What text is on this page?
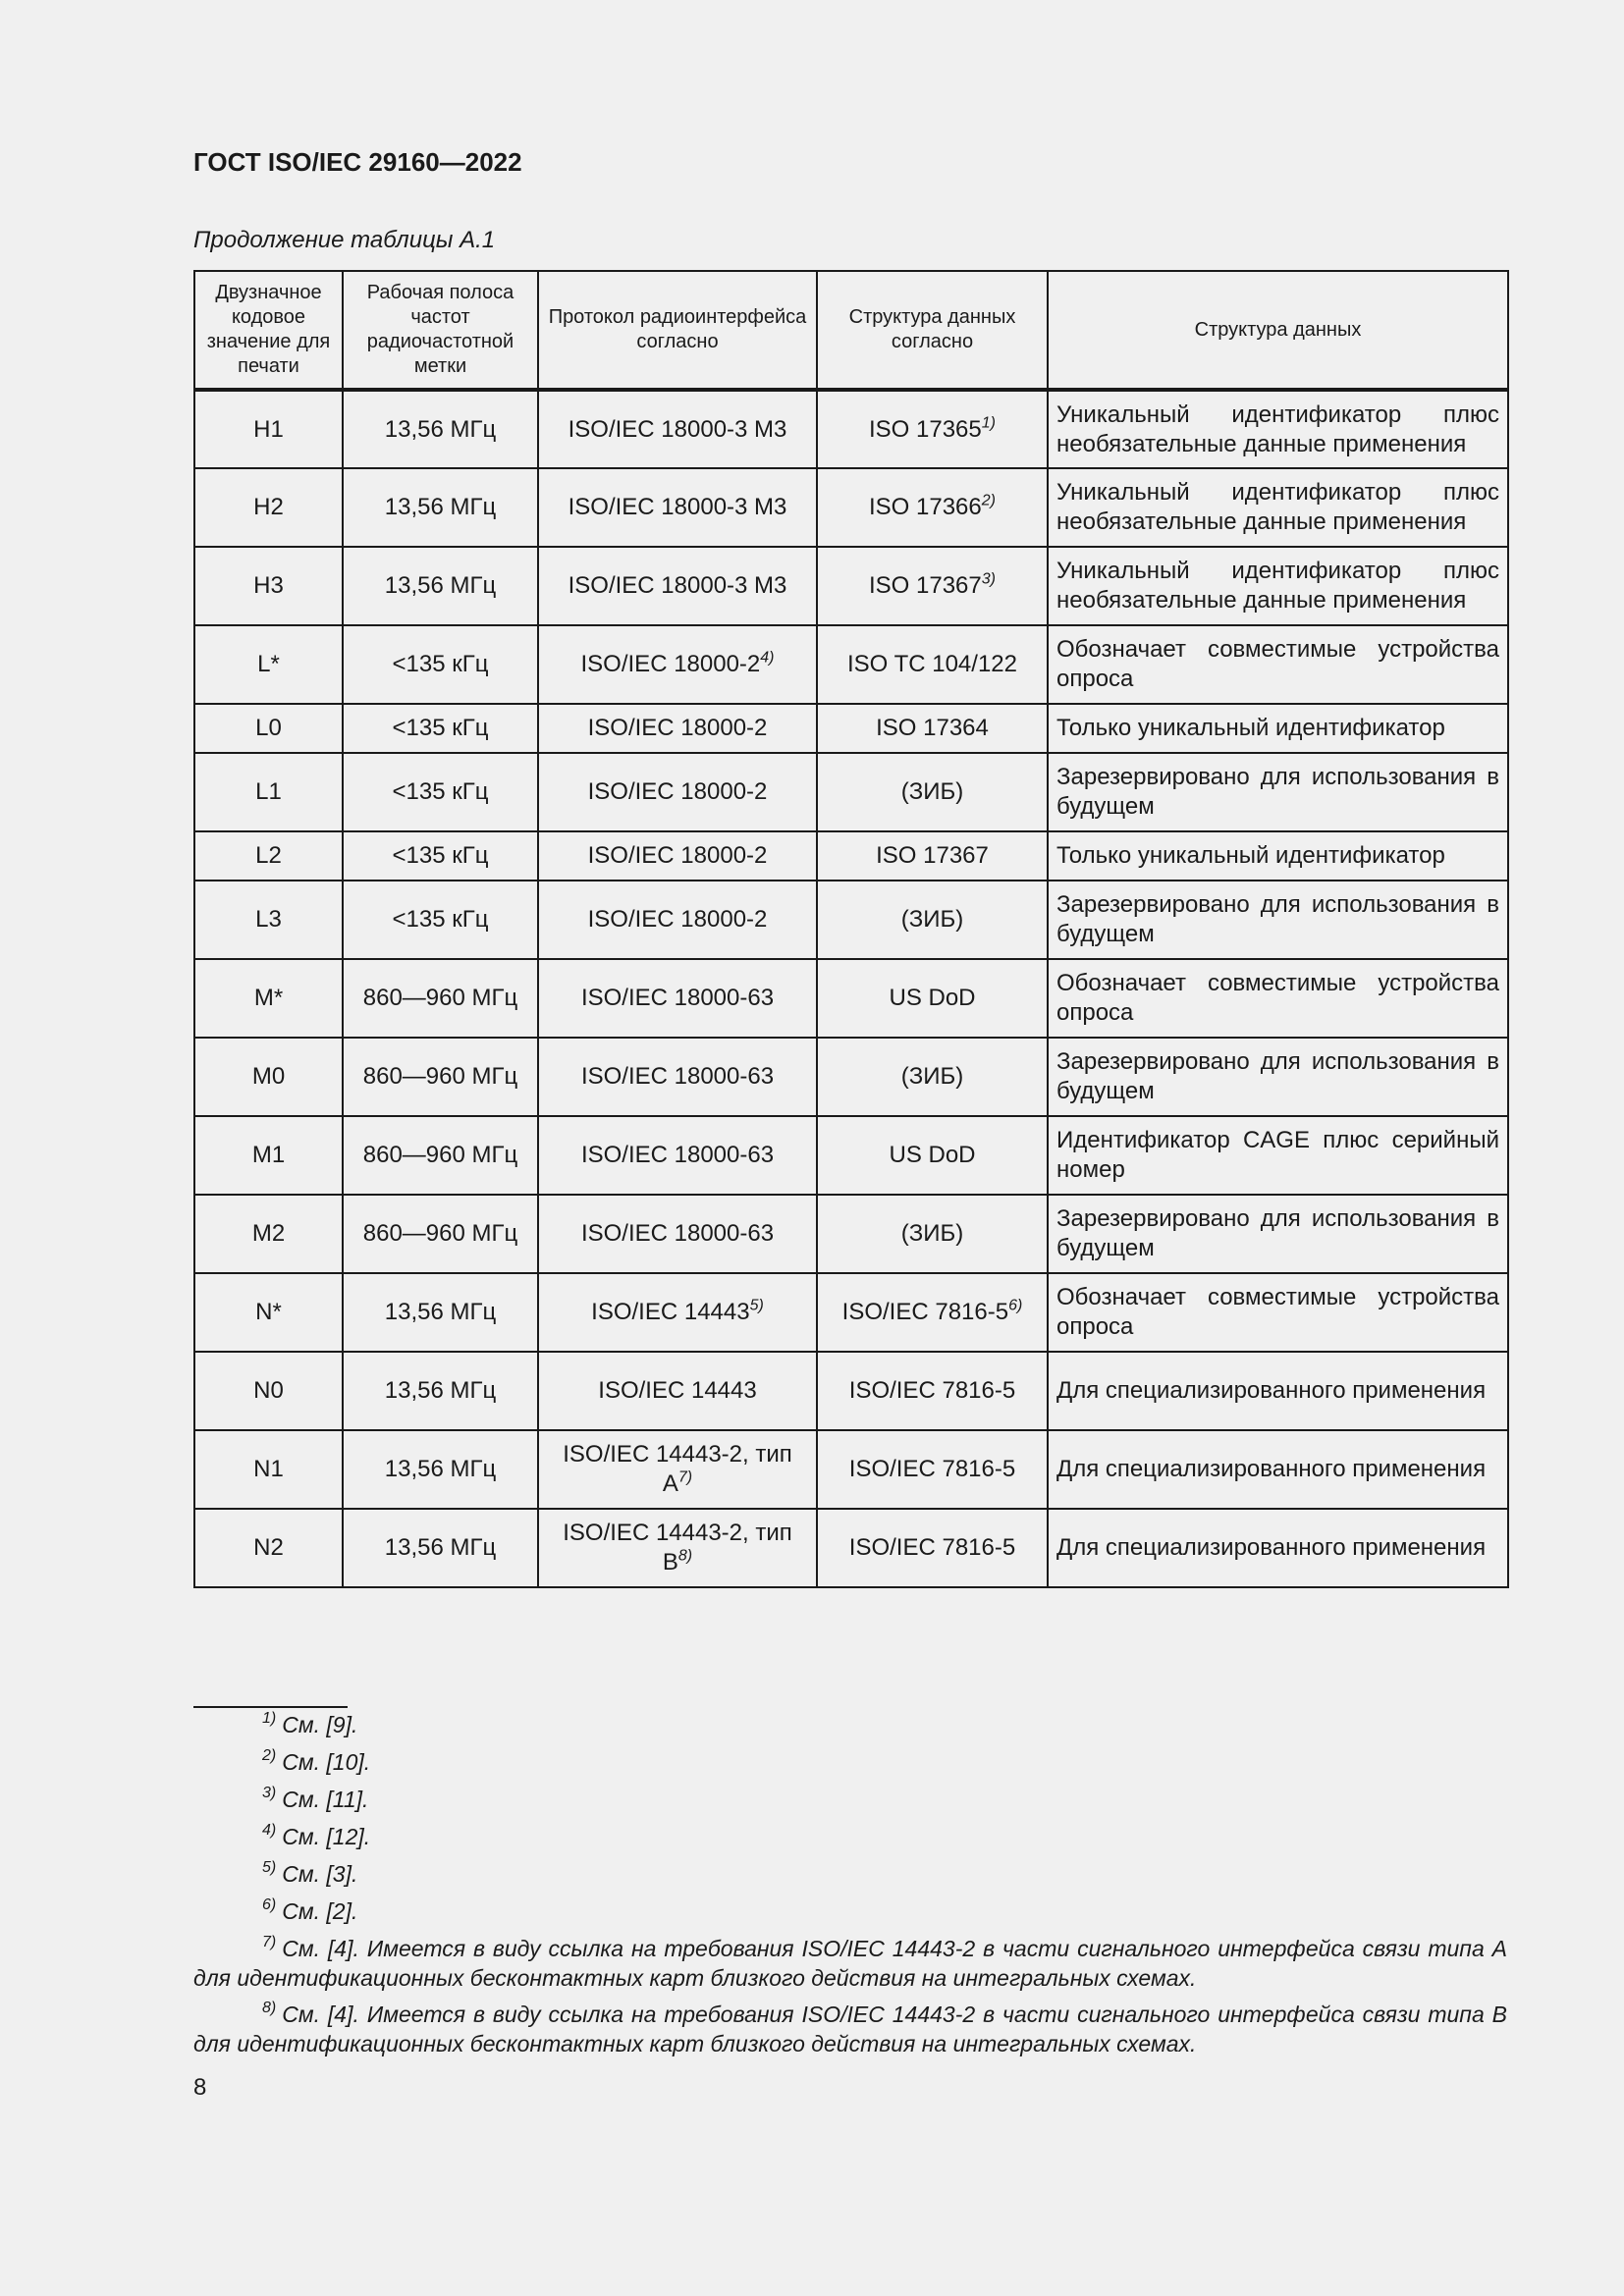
ГОСТ ISO/IEC 29160—2022

Продолжение таблицы А.1

Двузначное кодовое значение для печати	Рабочая полоса частот радиочастотной метки	Протокол радиоинтерфейса согласно	Структура данных согласно	Структура данных
H1	13,56 МГц	ISO/IEC 18000-3 M3	ISO 17365$^{1)}$	Уникальный идентификатор плюс необязательные данные применения
H2	13,56 МГц	ISO/IEC 18000-3 M3	ISO 17366$^{2)}$	Уникальный идентификатор плюс необязательные данные применения
H3	13,56 МГц	ISO/IEC 18000-3 M3	ISO 17367$^{3)}$	Уникальный идентификатор плюс необязательные данные применения
L*	<135 кГц	ISO/IEC 18000-2$^{4)}$	ISO TC 104/122	Обозначает совместимые устройства опроса
L0	<135 кГц	ISO/IEC 18000-2	ISO 17364	Только уникальный идентификатор
L1	<135 кГц	ISO/IEC 18000-2	(ЗИБ)	Зарезервировано для использования в будущем
L2	<135 кГц	ISO/IEC 18000-2	ISO 17367	Только уникальный идентификатор
L3	<135 кГц	ISO/IEC 18000-2	(ЗИБ)	Зарезервировано для использования в будущем
M*	860—960 МГц	ISO/IEC 18000-63	US DoD	Обозначает совместимые устройства опроса
M0	860—960 МГц	ISO/IEC 18000-63	(ЗИБ)	Зарезервировано для использования в будущем
M1	860—960 МГц	ISO/IEC 18000-63	US DoD	Идентификатор CAGE плюс серийный номер
M2	860—960 МГц	ISO/IEC 18000-63	(ЗИБ)	Зарезервировано для использования в будущем
N*	13,56 МГц	ISO/IEC 14443$^{5)}$	ISO/IEC 7816-5$^{6)}$	Обозначает совместимые устройства опроса
N0	13,56 МГц	ISO/IEC 14443	ISO/IEC 7816-5	Для специализированного применения
N1	13,56 МГц	ISO/IEC 14443-2, тип А$^{7)}$	ISO/IEC 7816-5	Для специализированного применения
N2	13,56 МГц	ISO/IEC 14443-2, тип В$^{8)}$	ISO/IEC 7816-5	Для специализированного применения
$^{1)}$ См. [9].
$^{2)}$ См. [10].
$^{3)}$ См. [11].
$^{4)}$ См. [12].
$^{5)}$ См. [3].
$^{6)}$ См. [2].
$^{7)}$ См. [4]. Имеется в виду ссылка на требования ISO/IEC 14443-2 в части сигнального интерфейса связи типа А для идентификационных бесконтактных карт близкого действия на интегральных схемах.
$^{8)}$ См. [4]. Имеется в виду ссылка на требования ISO/IEC 14443-2 в части сигнального интерфейса связи типа В для идентификационных бесконтактных карт близкого действия на интегральных схемах.

8
